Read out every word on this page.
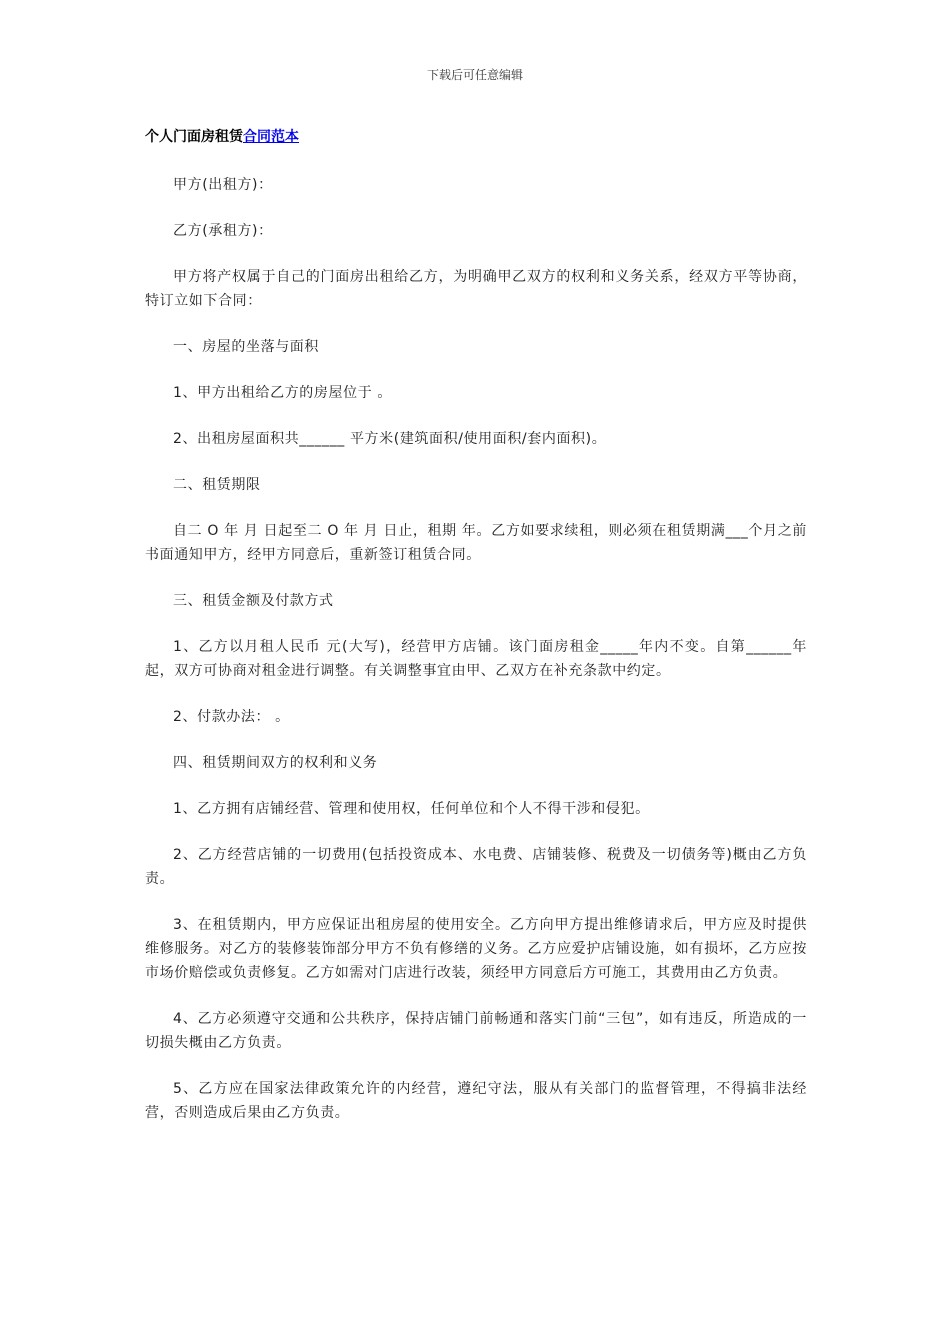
下载后可任意编辑
个人门面房租赁合同范本

甲方(出租方)：

乙方(承租方)：

甲方将产权属于自己的门面房出租给乙方，为明确甲乙双方的权利和义务关系，经双方平等协商，特订立如下合同：

一、房屋的坐落与面积

1、甲方出租给乙方的房屋位于 。

2、出租房屋面积共______ 平方米(建筑面积/使用面积/套内面积)。

二、租赁期限

自二 O 年 月 日起至二 O 年 月 日止，租期 年。乙方如要求续租，则必须在租赁期满___个月之前书面通知甲方，经甲方同意后，重新签订租赁合同。

三、租赁金额及付款方式

1、乙方以月租人民币 元(大写)，经营甲方店铺。该门面房租金_____年内不变。自第______年起，双方可协商对租金进行调整。有关调整事宜由甲、乙双方在补充条款中约定。

2、付款办法： 。

四、租赁期间双方的权利和义务

1、乙方拥有店铺经营、管理和使用权，任何单位和个人不得干涉和侵犯。

2、乙方经营店铺的一切费用(包括投资成本、水电费、店铺装修、税费及一切债务等)概由乙方负责。

3、在租赁期内，甲方应保证出租房屋的使用安全。乙方向甲方提出维修请求后，甲方应及时提供维修服务。对乙方的装修装饰部分甲方不负有修缮的义务。乙方应爱护店铺设施，如有损坏，乙方应按市场价赔偿或负责修复。乙方如需对门店进行改装，须经甲方同意后方可施工，其费用由乙方负责。

4、乙方必须遵守交通和公共秩序，保持店铺门前畅通和落实门前“三包”，如有违反，所造成的一切损失概由乙方负责。

5、乙方应在国家法律政策允许的内经营，遵纪守法，服从有关部门的监督管理，不得搞非法经营，否则造成后果由乙方负责。
